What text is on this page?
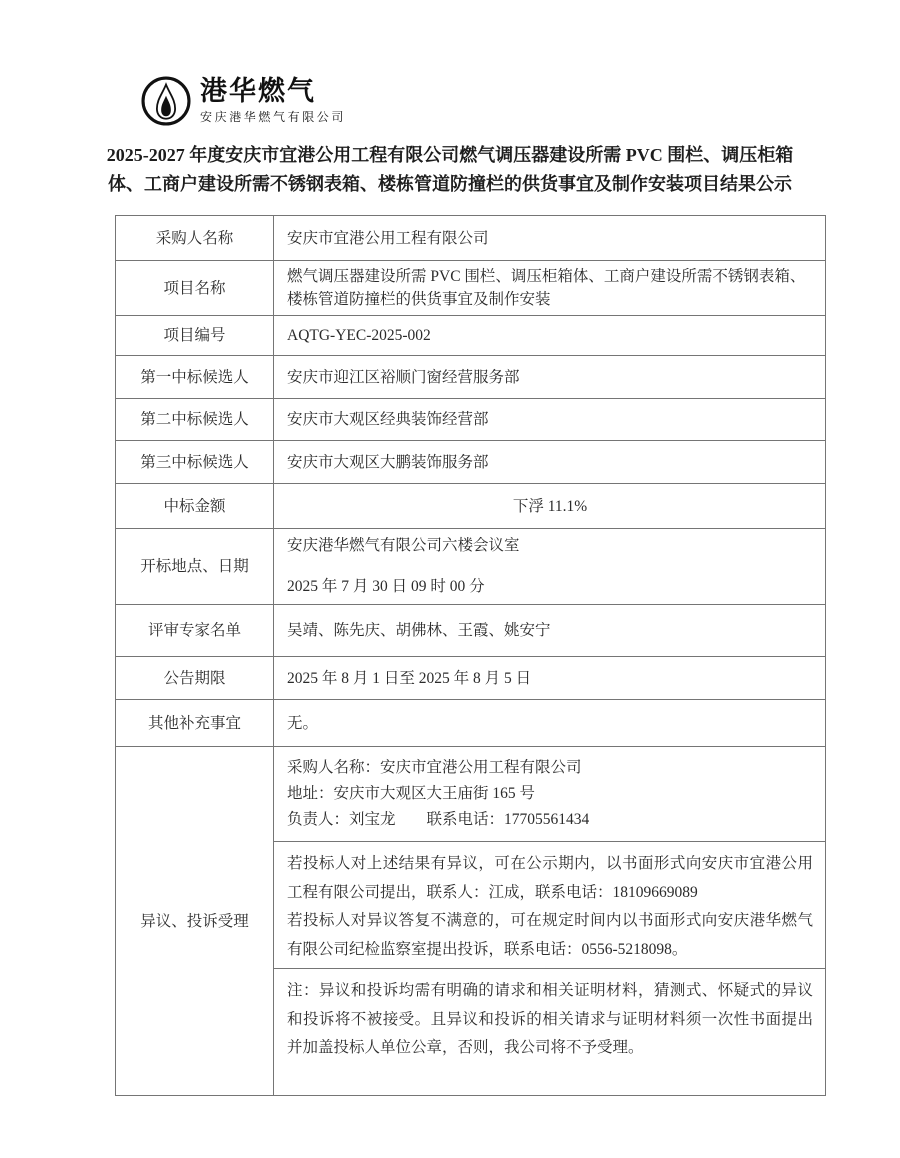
港华燃气
安庆港华燃气有限公司
2025-2027 年度安庆市宜港公用工程有限公司燃气调压器建设所需 PVC 围栏、调压柜箱
体、工商户建设所需不锈钢表箱、楼栋管道防撞栏的供货事宜及制作安装项目结果公示
采购人名称	安庆市宜港公用工程有限公司
项目名称	燃气调压器建设所需 PVC 围栏、调压柜箱体、工商户建设所需不锈钢表箱、楼栋管道防撞栏的供货事宜及制作安装
项目编号	AQTG-YEC-2025-002
第一中标候选人	安庆市迎江区裕顺门窗经营服务部
第二中标候选人	安庆市大观区经典装饰经营部
第三中标候选人	安庆市大观区大鹏装饰服务部
中标金额	下浮 11.1%
开标地点、日期	安庆港华燃气有限公司六楼会议室
2025 年 7 月 30 日 09 时 00 分

评审专家名单	吴靖、陈先庆、胡佛林、王霞、姚安宁
公告期限	2025 年 8 月 1 日至 2025 年 8 月 5 日
其他补充事宜	无。
异议、投诉受理	采购人名称：安庆市宜港公用工程有限公司
地址：安庆市大观区大王庙街 165 号
负责人：刘宝龙        联系电话：17705561434

	若投标人对上述结果有异议，可在公示期内，以书面形式向安庆市宜港公用工程有限公司提出，联系人：江成，联系电话：18109669089
若投标人对异议答复不满意的，可在规定时间内以书面形式向安庆港华燃气有限公司纪检监察室提出投诉，联系电话：0556-5218098。

	注：异议和投诉均需有明确的请求和相关证明材料，猜测式、怀疑式的异议和投诉将不被接受。且异议和投诉的相关请求与证明材料须一次性书面提出并加盖投标人单位公章，否则，我公司将不予受理。
